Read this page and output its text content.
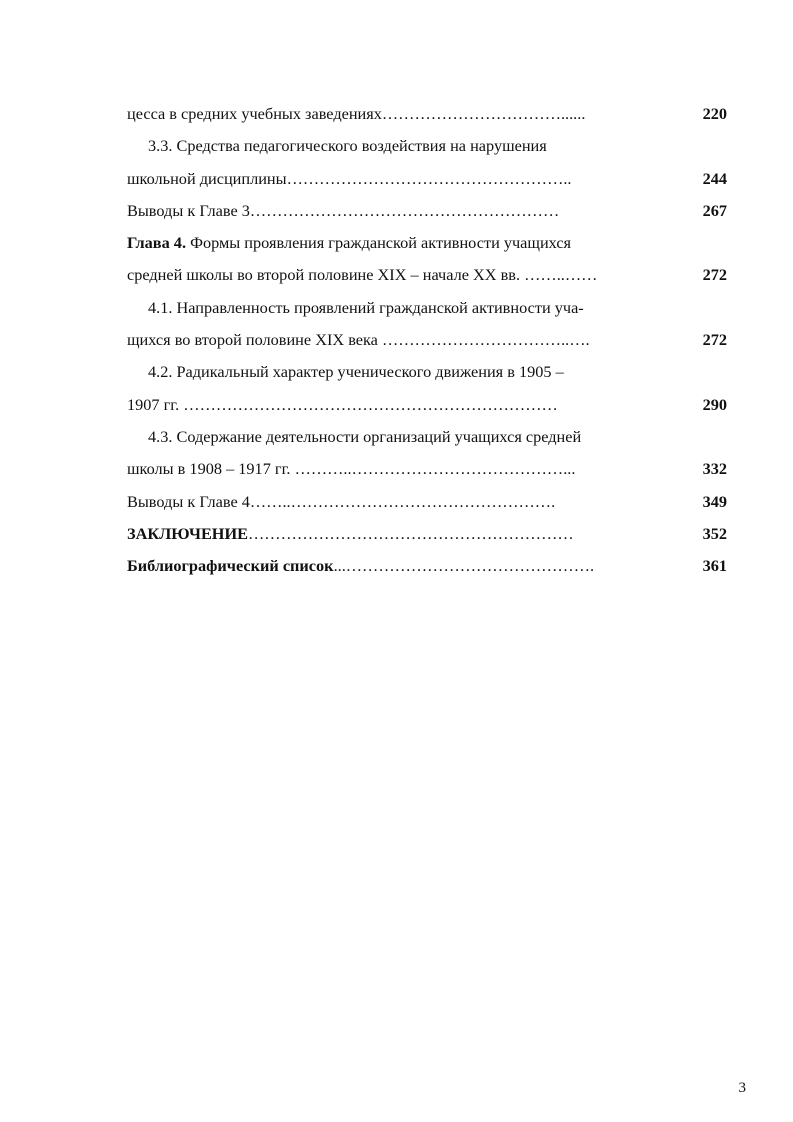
цесса в средних учебных заведениях……………………………......	220
3.3. Средства педагогического воздействия на нарушения
школьной дисциплины……………………………………………..	244
Выводы к Главе 3…………………………………………………	267
Глава 4. Формы проявления гражданской активности учащихся
средней школы во второй половине XIX – начале XX вв. ……..……	272
4.1. Направленность проявлений гражданской активности уча-
щихся во второй половине XIX века ……………………………..….	272
4.2. Радикальный характер ученического движения в 1905 –
1907 гг. ……………………………………………………………	290
4.3. Содержание деятельности организаций учащихся средней
школы в 1908 – 1917 гг. ………..…………………………………...	332
Выводы к Главе 4……..………………………………………….	349
ЗАКЛЮЧЕНИЕ……………………………………………………	352
Библиографический список...……………………………………….	361
3
